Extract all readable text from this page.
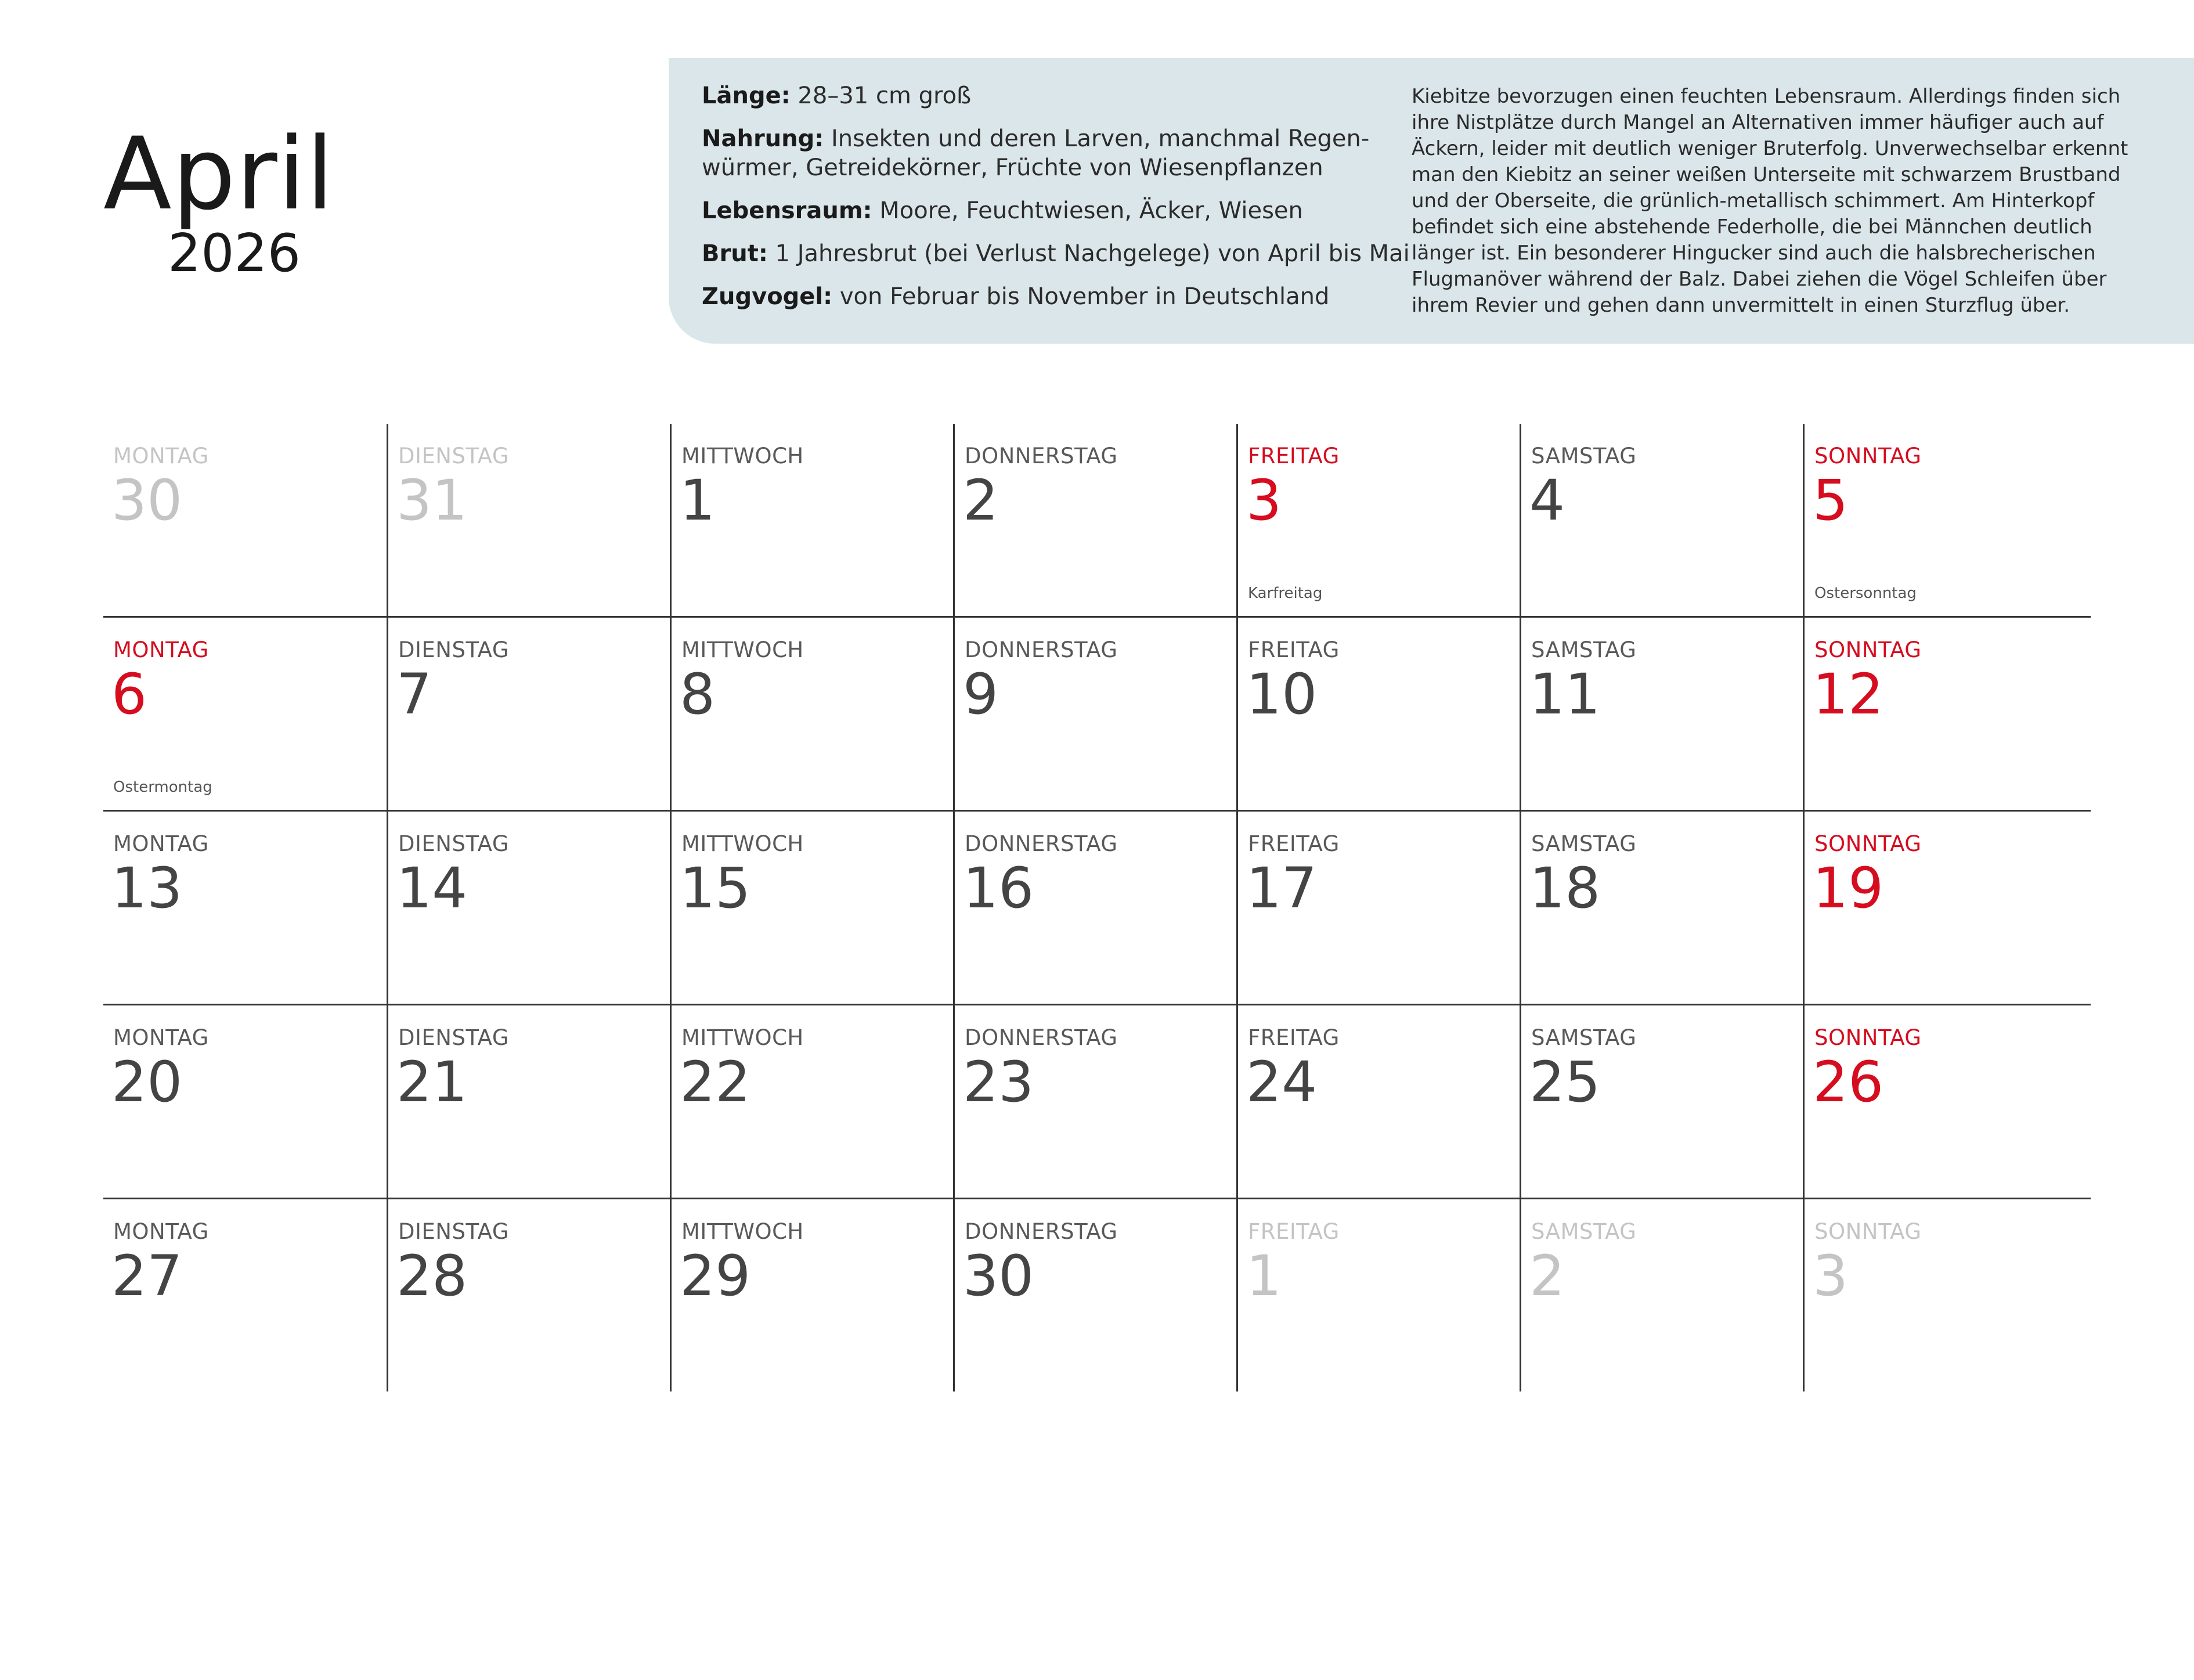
April
2026
Länge: 28–31 cm groß
Nahrung: Insekten und deren Larven, manchmal Regen-würmer, Getreidekörner, Früchte von Wiesenpflanzen
Lebensraum: Moore, Feuchtwiesen, Äcker, Wiesen
Brut: 1 Jahresbrut (bei Verlust Nachgelege) von April bis Mai
Zugvogel: von Februar bis November in Deutschland
Kiebitze bevorzugen einen feuchten Lebensraum. Allerdings finden sich ihre Nistplätze durch Mangel an Alternativen immer häufiger auch auf Äckern, leider mit deutlich weniger Bruterfolg. Unverwechselbar erkennt man den Kiebitz an seiner weißen Unterseite mit schwarzem Brustband und der Oberseite, die grünlich-metallisch schimmert. Am Hinterkopf befindet sich eine abstehende Federholle, die bei Männchen deutlich länger ist. Ein besonderer Hingucker sind auch die halsbrecherischen Flugmanöver während der Balz. Dabei ziehen die Vögel Schleifen über ihrem Revier und gehen dann unvermittelt in einen Sturzflug über.
MONTAG
30
DIENSTAG
31
MITTWOCH
1
DONNERSTAG
2
FREITAG
3
Karfreitag
SAMSTAG
4
SONNTAG
5
Ostersonntag
MONTAG
6
Ostermontag
DIENSTAG
7
MITTWOCH
8
DONNERSTAG
9
FREITAG
10
SAMSTAG
11
SONNTAG
12
MONTAG
13
DIENSTAG
14
MITTWOCH
15
DONNERSTAG
16
FREITAG
17
SAMSTAG
18
SONNTAG
19
MONTAG
20
DIENSTAG
21
MITTWOCH
22
DONNERSTAG
23
FREITAG
24
SAMSTAG
25
SONNTAG
26
MONTAG
27
DIENSTAG
28
MITTWOCH
29
DONNERSTAG
30
FREITAG
1
SAMSTAG
2
SONNTAG
3
